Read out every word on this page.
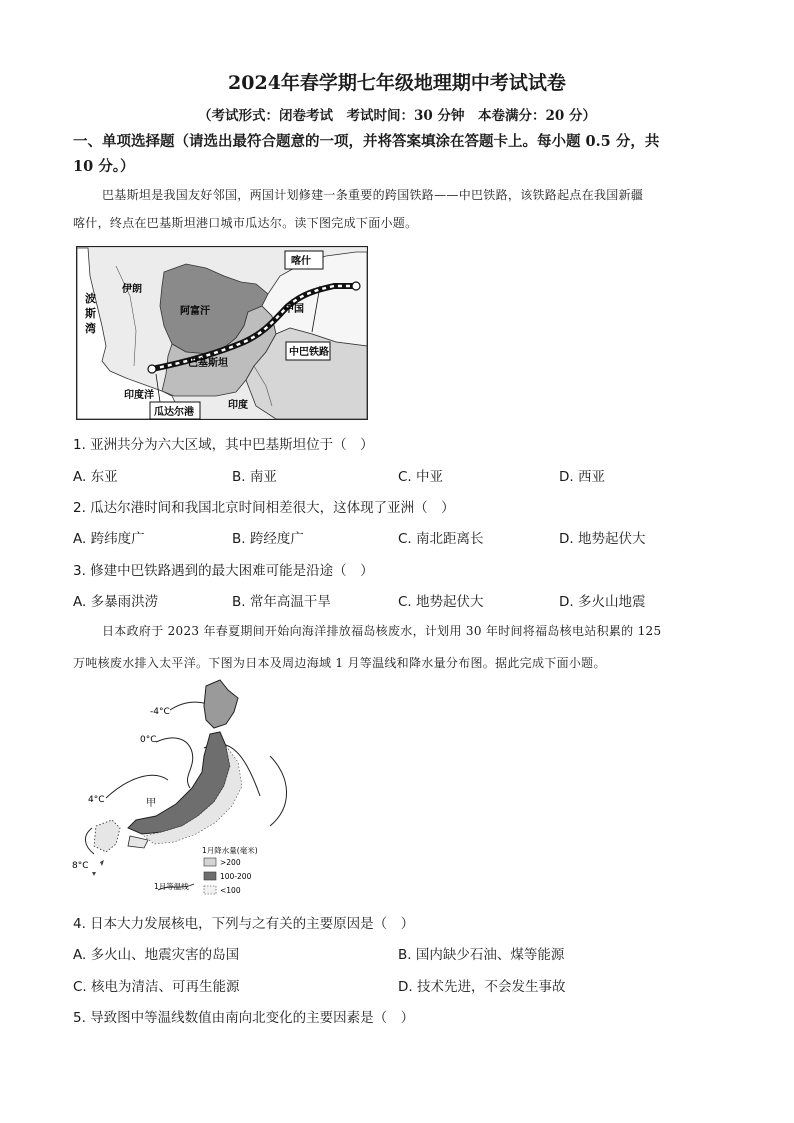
2024年春学期七年级地理期中考试试卷
（考试形式：闭卷考试　考试时间：30 分钟　本卷满分：20 分）
一、单项选择题（请选出最符合题意的一项，并将答案填涂在答题卡上。每小题 0.5 分，共
10 分。）
巴基斯坦是我国友好邻国，两国计划修建一条重要的跨国铁路——中巴铁路，该铁路起点在我国新疆
喀什，终点在巴基斯坦港口城市瓜达尔。读下图完成下面小题。
喀什
波
斯
湾
伊朗
阿富汗	中国
巴基斯坦
中巴铁路
印度洋
瓜达尔港
印度
1. 亚洲共分为六大区域，其中巴基斯坦位于（　）
A. 东亚	B. 南亚	C. 中亚	D. 西亚
2. 瓜达尔港时间和我国北京时间相差很大，这体现了亚洲（　）
A. 跨纬度广	B. 跨经度广	C. 南北距离长	D. 地势起伏大
3. 修建中巴铁路遇到的最大困难可能是沿途（　）
A. 多暴雨洪涝	B. 常年高温干旱	C. 地势起伏大	D. 多火山地震
日本政府于 2023 年春夏期间开始向海洋排放福岛核废水，计划用 30 年时间将福岛核电站积累的 125
万吨核废水排入太平洋。下图为日本及周边海域 1 月等温线和降水量分布图。据此完成下面小题。
-4°C
0°C
4°C
8°C
甲
1月降水量(毫米)
>200
100-200
<100
1月等温线
4. 日本大力发展核电，下列与之有关的主要原因是（　）
A. 多火山、地震灾害的岛国	B. 国内缺少石油、煤等能源
C. 核电为清洁、可再生能源	D. 技术先进，不会发生事故
5. 导致图中等温线数值由南向北变化的主要因素是（　）
